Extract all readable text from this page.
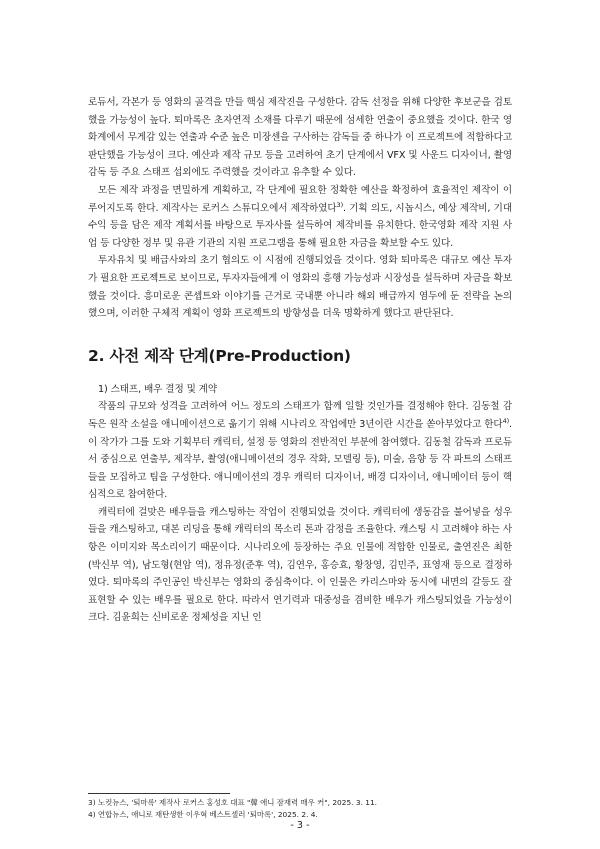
로듀서, 각본가 등 영화의 골격을 만들 핵심 제작진을 구성한다. 감독 선정을 위해 다양한 후보군을 검토했을 가능성이 높다. 퇴마록은 초자연적 소재를 다루기 때문에 섬세한 연출이 중요했을 것이다. 한국 영화계에서 무게감 있는 연출과 수준 높은 미장센을 구사하는 감독들 중 하나가 이 프로젝트에 적합하다고 판단했을 가능성이 크다. 예산과 제작 규모 등을 고려하여 초기 단계에서 VFX 및 사운드 디자이너, 촬영 감독 등 주요 스태프 섭외에도 주력했을 것이라고 유추할 수 있다.

모든 제작 과정을 면밀하게 계획하고, 각 단계에 필요한 정확한 예산을 확정하여 효율적인 제작이 이루어지도록 한다. 제작사는 로커스 스튜디오에서 제작하였다$^{3)}$. 기획 의도, 시놉시스, 예상 제작비, 기대 수익 등을 담은 제작 계획서를 바탕으로 투자사를 설득하여 제작비를 유치한다. 한국영화 제작 지원 사업 등 다양한 정부 및 유관 기관의 지원 프로그램을 통해 필요한 자금을 확보할 수도 있다.

투자유치 및 배급사와의 초기 협의도 이 시점에 진행되었을 것이다. 영화 퇴마록은 대규모 예산 투자가 필요한 프로젝트로 보이므로, 투자자들에게 이 영화의 흥행 가능성과 시장성을 설득하며 자금을 확보했을 것이다. 흥미로운 콘셉트와 이야기를 근거로 국내뿐 아니라 해외 배급까지 염두에 둔 전략을 논의했으며, 이러한 구체적 계획이 영화 프로젝트의 방향성을 더욱 명확하게 했다고 판단된다.

2. 사전 제작 단계(Pre-Production)

1) 스태프, 배우 결정 및 계약

작품의 규모와 성격을 고려하여 어느 정도의 스태프가 함께 일할 것인가를 결정해야 한다. 김동철 감독은 원작 소설을 애니메이션으로 옮기기 위해 시나리오 작업에만 3년이란 시간을 쏟아부었다고 한다$^{4)}$. 이 작가가 그를 도와 기획부터 캐릭터, 설정 등 영화의 전반적인 부분에 참여했다. 김동철 감독과 프로듀서 중심으로 연출부, 제작부, 촬영(애니메이션의 경우 작화, 모델링 등), 미술, 음향 등 각 파트의 스태프들을 모집하고 팀을 구성한다. 애니메이션의 경우 캐릭터 디자이너, 배경 디자이너, 애니메이터 등이 핵심적으로 참여한다.

캐릭터에 걸맞은 배우들을 캐스팅하는 작업이 진행되었을 것이다. 캐릭터에 생동감을 불어넣을 성우들을 캐스팅하고, 대본 리딩을 통해 캐릭터의 목소리 톤과 감정을 조율한다. 캐스팅 시 고려해야 하는 사항은 이미지와 목소리이기 때문이다. 시나리오에 등장하는 주요 인물에 적합한 인물로, 출연진은 최한(박신부 역), 남도형(현암 역), 정유정(준후 역), 김연우, 홍승효, 황창영, 김민주, 표영재 등으로 결정하였다. 퇴마록의 주인공인 박신부는 영화의 중심축이다. 이 인물은 카리스마와 동시에 내면의 갈등도 잘 표현할 수 있는 배우를 필요로 한다. 따라서 연기력과 대중성을 겸비한 배우가 캐스팅되었을 가능성이 크다. 김윤희는 신비로운 정체성을 지닌 인

3) 노컷뉴스, '퇴마록' 제작사 로커스 홍성호 대표 "韓 애니 잠재력 매우 커", 2025. 3. 11.
4) 연합뉴스, 애니로 재탄생한 이우혁 베스트셀러 '퇴마록', 2025. 2. 4.
- 3 -
